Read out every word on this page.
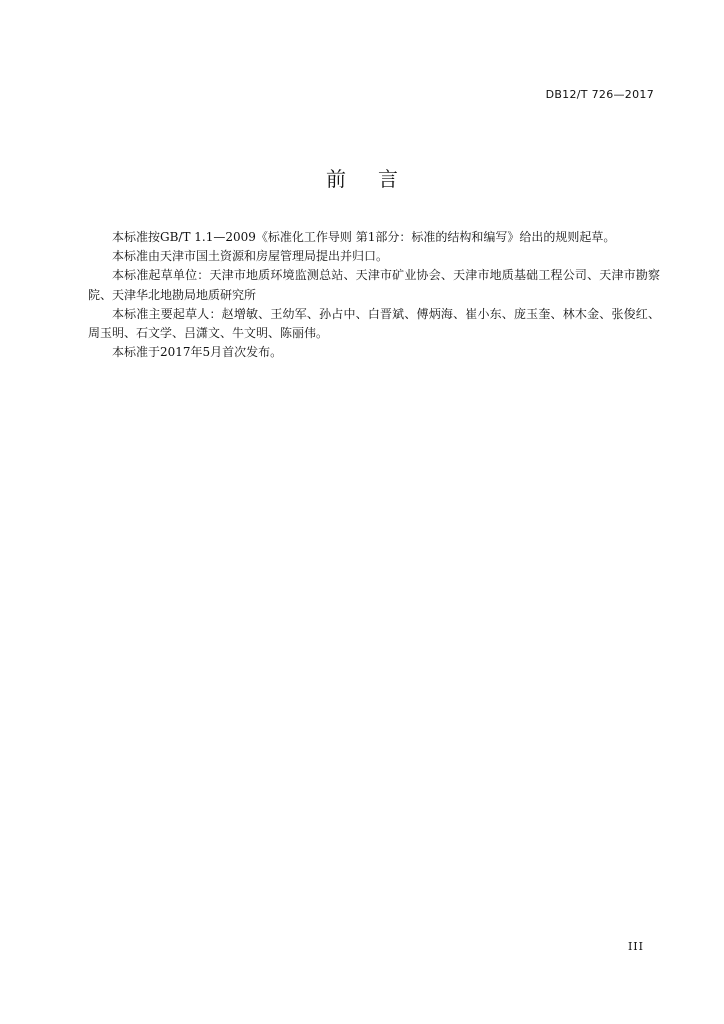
DB12/T 726—2017
前言

本标准按GB/T 1.1—2009《标准化工作导则 第1部分：标准的结构和编写》给出的规则起草。

本标准由天津市国土资源和房屋管理局提出并归口。

本标准起草单位：天津市地质环境监测总站、天津市矿业协会、天津市地质基础工程公司、天津市勘察院、天津华北地勘局地质研究所

本标准主要起草人：赵增敏、王幼军、孙占中、白晋斌、傅炳海、崔小东、庞玉奎、林木金、张俊红、周玉明、石文学、吕潇文、牛文明、陈丽伟。

本标准于2017年5月首次发布。

III
